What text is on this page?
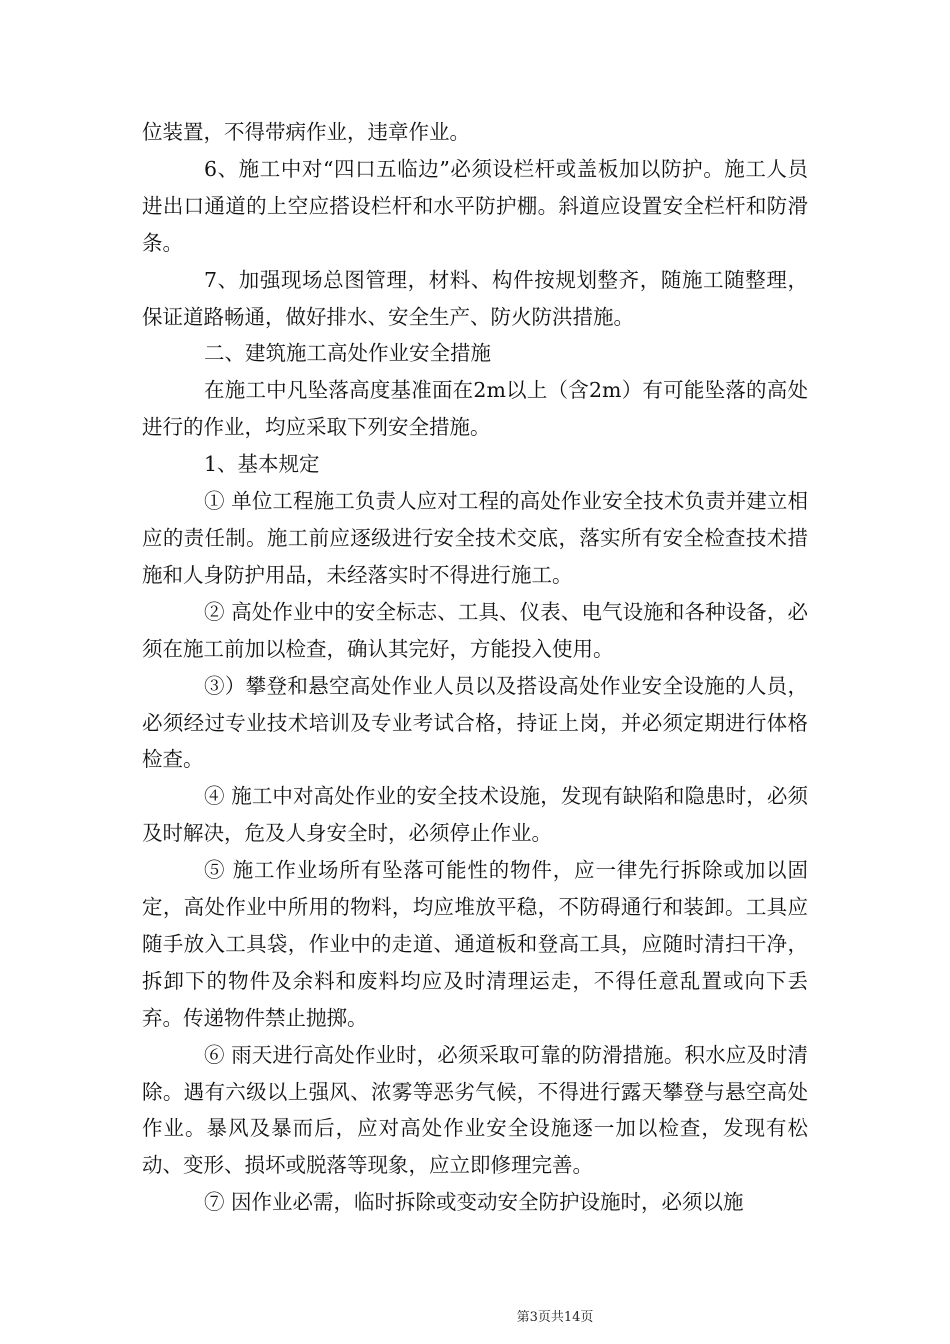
位装置，不得带病作业，违章作业。

6、施工中对“四口五临边”必须设栏杆或盖板加以防护。施工人员进出口通道的上空应搭设栏杆和水平防护棚。斜道应设置安全栏杆和防滑条。

7、加强现场总图管理，材料、构件按规划整齐，随施工随整理，保证道路畅通，做好排水、安全生产、防火防洪措施。

二、建筑施工高处作业安全措施

在施工中凡坠落高度基准面在2m以上（含2m）有可能坠落的高处进行的作业，均应采取下列安全措施。

1、基本规定

① 单位工程施工负责人应对工程的高处作业安全技术负责并建立相应的责任制。施工前应逐级进行安全技术交底，落实所有安全检查技术措施和人身防护用品，未经落实时不得进行施工。

② 高处作业中的安全标志、工具、仪表、电气设施和各种设备，必须在施工前加以检查，确认其完好，方能投入使用。

③）攀登和悬空高处作业人员以及搭设高处作业安全设施的人员，必须经过专业技术培训及专业考试合格，持证上岗，并必须定期进行体格检查。

④ 施工中对高处作业的安全技术设施，发现有缺陷和隐患时，必须及时解决，危及人身安全时，必须停止作业。

⑤ 施工作业场所有坠落可能性的物件，应一律先行拆除或加以固定，高处作业中所用的物料，均应堆放平稳，不防碍通行和装卸。工具应随手放入工具袋，作业中的走道、通道板和登高工具，应随时清扫干净，拆卸下的物件及余料和废料均应及时清理运走，不得任意乱置或向下丢弃。传递物件禁止抛掷。

⑥ 雨天进行高处作业时，必须采取可靠的防滑措施。积水应及时清除。遇有六级以上强风、浓雾等恶劣气候，不得进行露天攀登与悬空高处作业。暴风及暴而后，应对高处作业安全设施逐一加以检查，发现有松动、变形、损坏或脱落等现象，应立即修理完善。

⑦ 因作业必需，临时拆除或变动安全防护设施时，必须以施

第3页共14页
